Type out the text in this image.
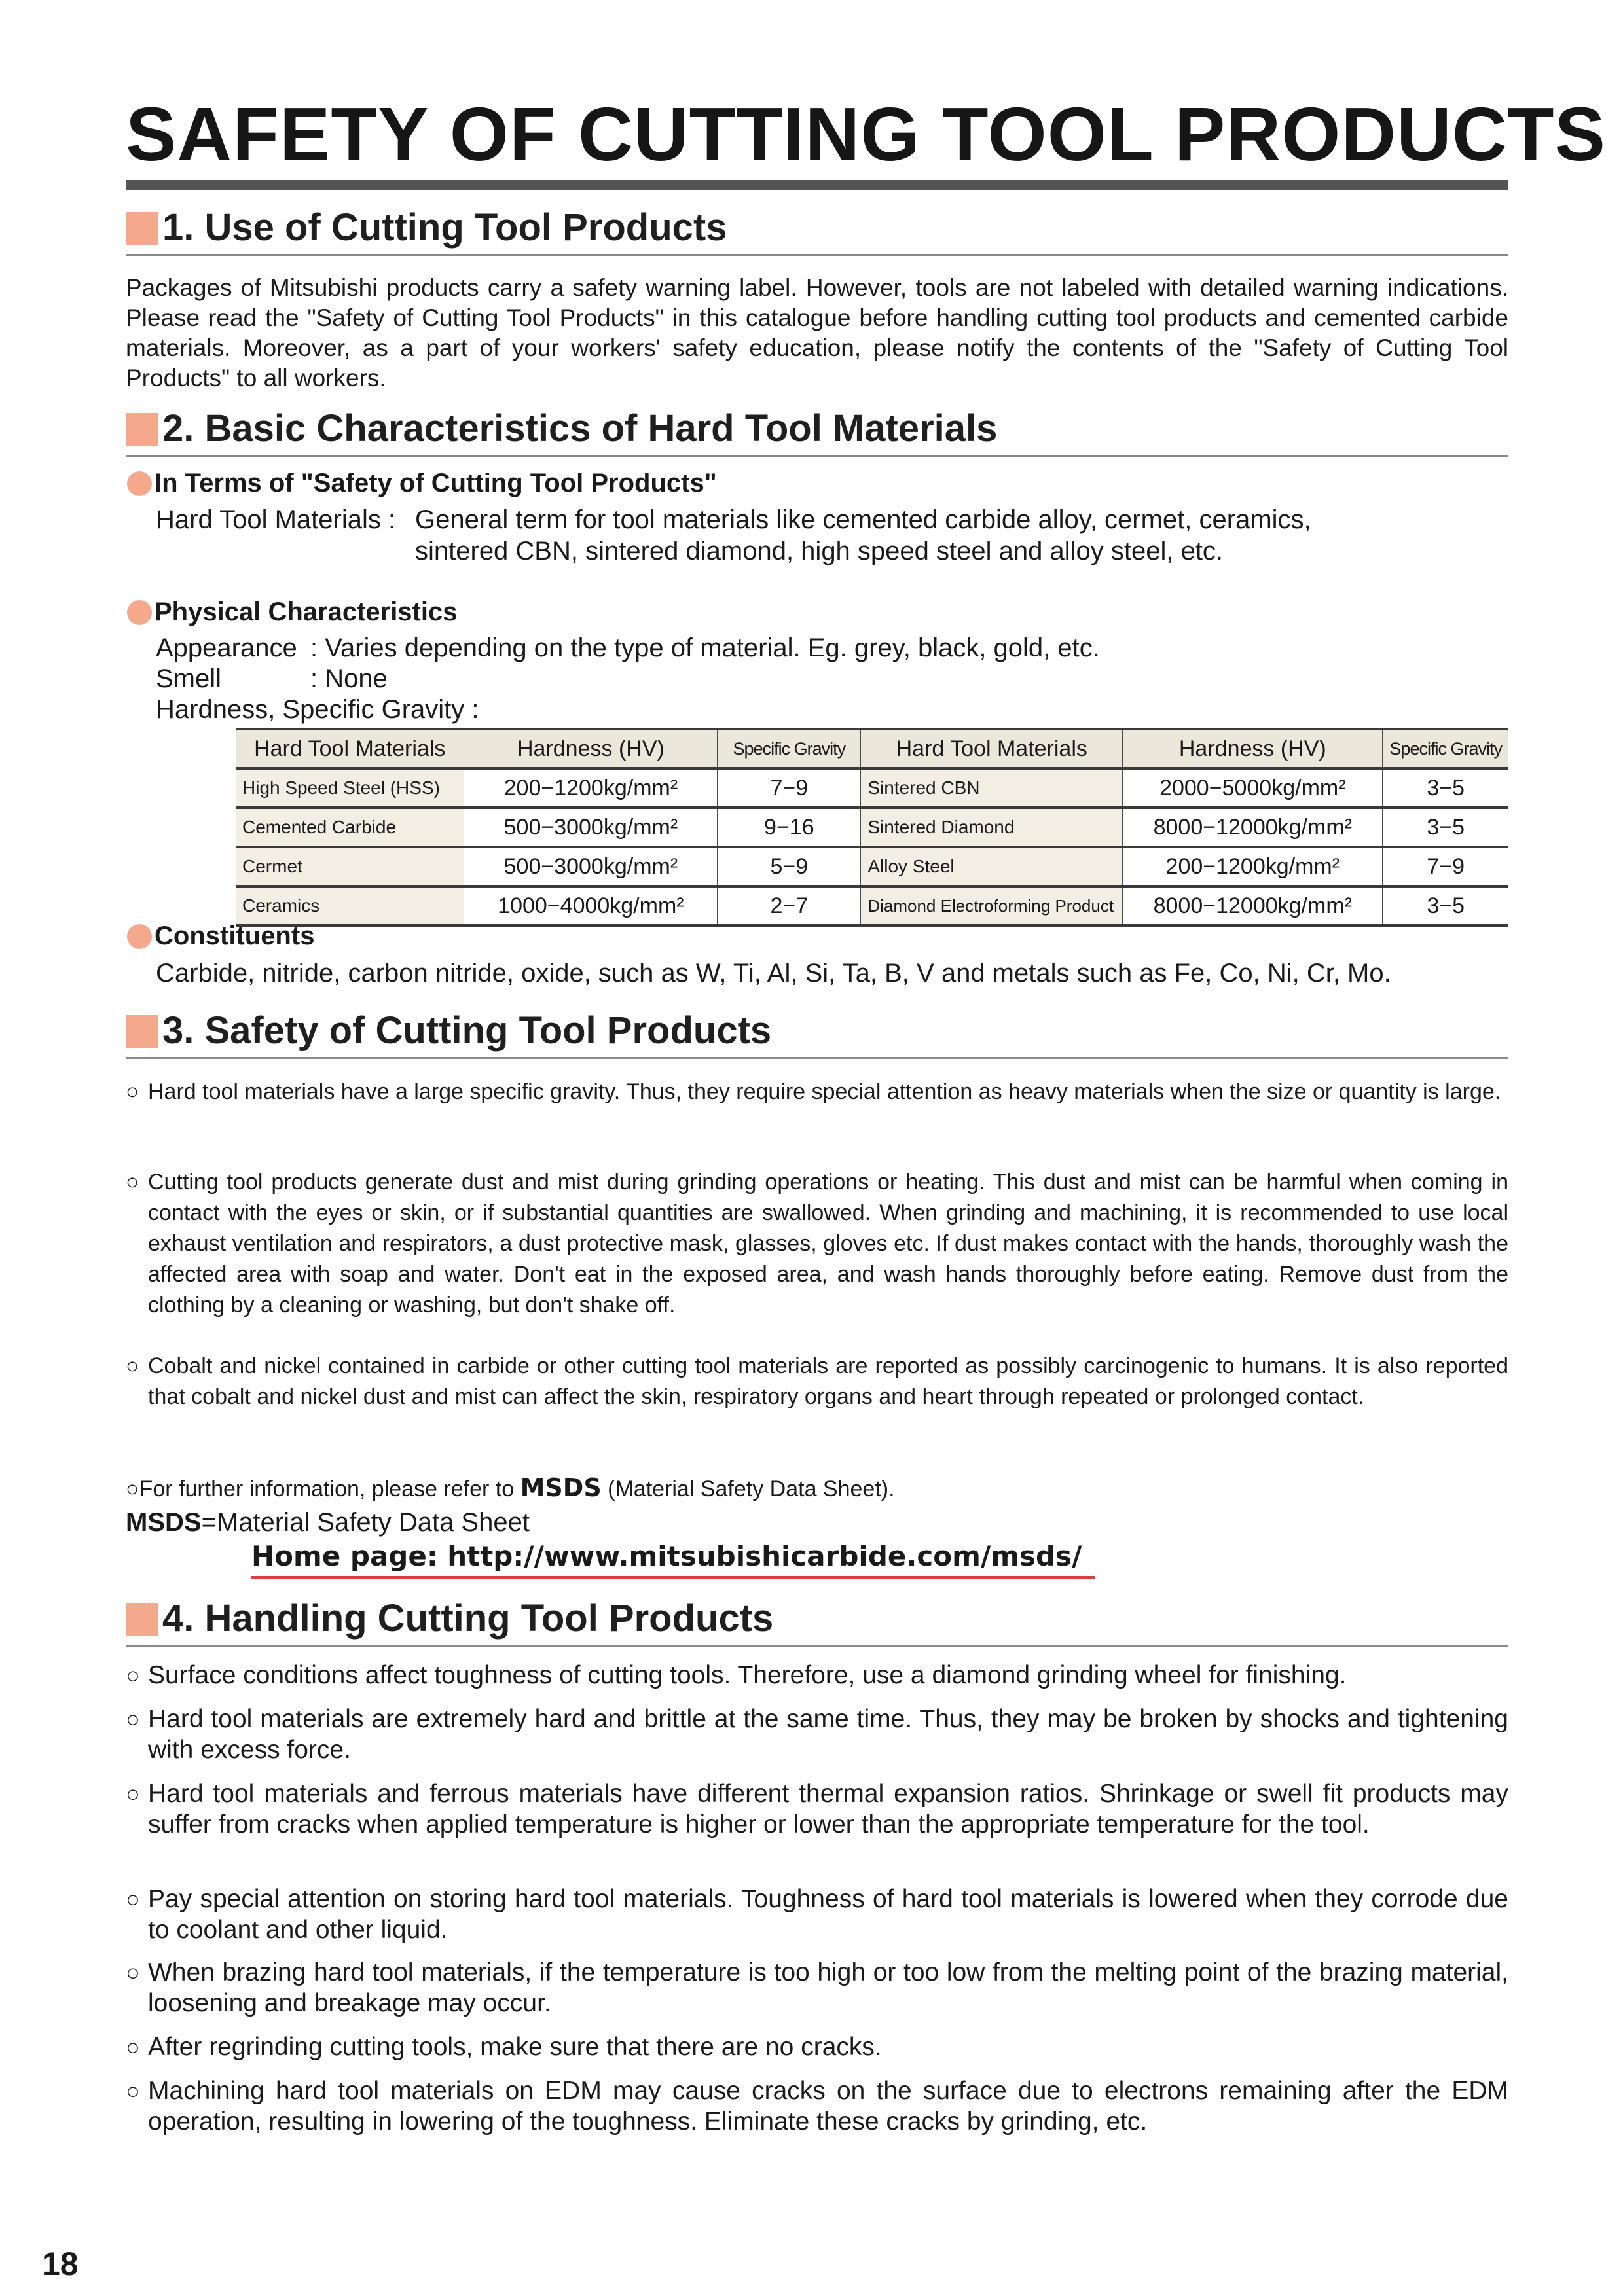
SAFETY OF CUTTING TOOL PRODUCTS
1. Use of Cutting Tool Products

Packages of Mitsubishi products carry a safety warning label. However, tools are not labeled with detailed warning indications. Please read the "Safety of Cutting Tool Products" in this catalogue before handling cutting tool products and cemented carbide materials. Moreover, as a part of your workers' safety education, please notify the contents of the "Safety of Cutting Tool Products" to all workers.

2. Basic Characteristics of Hard Tool Materials
In Terms of "Safety of Cutting Tool Products"
Hard Tool Materials : General term for tool materials like cemented carbide alloy, cermet, ceramics,
sintered CBN, sintered diamond, high speed steel and alloy steel, etc.
Physical Characteristics
Appearance : Varies depending on the type of material. Eg. grey, black, gold, etc.
Smell	: None
Hardness, Specific Gravity :
Hard Tool Materials	Hardness (HV)	Specific Gravity	Hard Tool Materials	Hardness (HV)	Specific Gravity
High Speed Steel (HSS)	200−1200kg/mm²	7−9	Sintered CBN	2000−5000kg/mm²	3−5
Cemented Carbide	500−3000kg/mm²	9−16	Sintered Diamond	8000−12000kg/mm²	3−5
Cermet	500−3000kg/mm²	5−9	Alloy Steel	200−1200kg/mm²	7−9
Ceramics	1000−4000kg/mm²	2−7	Diamond Electroforming Product	8000−12000kg/mm²	3−5
Constituents
Carbide, nitride, carbon nitride, oxide, such as W, Ti, Al, Si, Ta, B, V and metals such as Fe, Co, Ni, Cr, Mo.
3. Safety of Cutting Tool Products
○ Hard tool materials have a large specific gravity. Thus, they require special attention as heavy materials when the size or quantity is large.

○ Cutting tool products generate dust and mist during grinding operations or heating. This dust and mist can be harmful when coming in contact with the eyes or skin, or if substantial quantities are swallowed. When grinding and machining, it is recommended to use local exhaust ventilation and respirators, a dust protective mask, glasses, gloves etc. If dust makes contact with the hands, thoroughly wash the affected area with soap and water. Don't eat in the exposed area, and wash hands thoroughly before eating. Remove dust from the clothing by a cleaning or washing, but don't shake off.

○ Cobalt and nickel contained in carbide or other cutting tool materials are reported as possibly carcinogenic to humans. It is also reported that cobalt and nickel dust and mist can affect the skin, respiratory organs and heart through repeated or prolonged contact.

○For further information, please refer to MSDS (Material Safety Data Sheet).
MSDS=Material Safety Data Sheet
Home page: http://www.mitsubishicarbide.com/msds/
4. Handling Cutting Tool Products
○ Surface conditions affect toughness of cutting tools. Therefore, use a diamond grinding wheel for finishing.

○ Hard tool materials are extremely hard and brittle at the same time. Thus, they may be broken by shocks and tightening with excess force.

○ Hard tool materials and ferrous materials have different thermal expansion ratios. Shrinkage or swell fit products may suffer from cracks when applied temperature is higher or lower than the appropriate temperature for the tool.

○ Pay special attention on storing hard tool materials. Toughness of hard tool materials is lowered when they corrode due to coolant and other liquid.

○ When brazing hard tool materials, if the temperature is too high or too low from the melting point of the brazing material, loosening and breakage may occur.

○ After regrinding cutting tools, make sure that there are no cracks.

○ Machining hard tool materials on EDM may cause cracks on the surface due to electrons remaining after the EDM operation, resulting in lowering of the toughness. Eliminate these cracks by grinding, etc.

18
